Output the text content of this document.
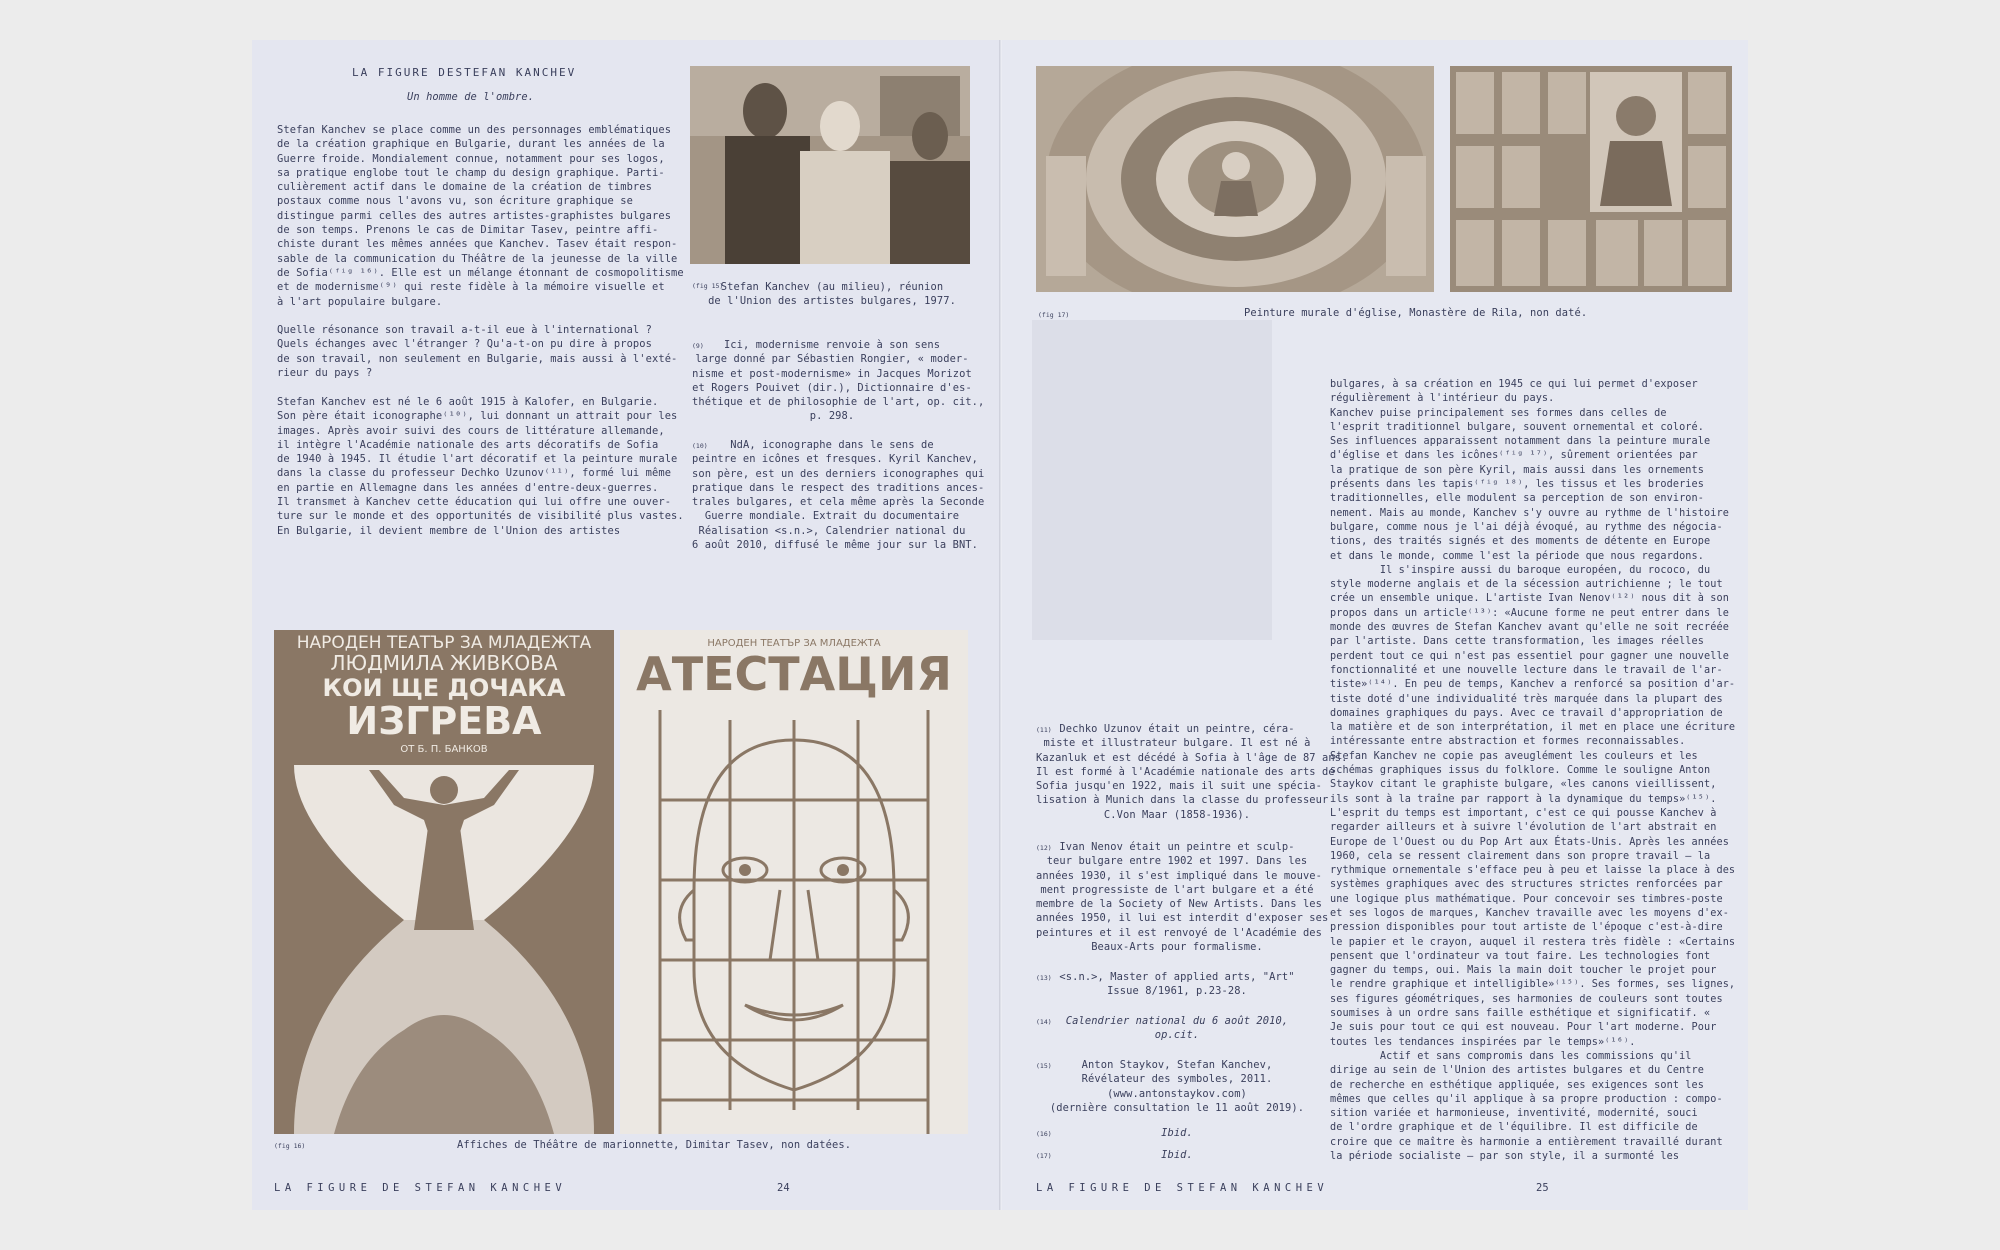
LA FIGURE DESTEFAN KANCHEV
Un homme de l'ombre.
Stefan Kanchev se place comme un des personnages emblématiques
de la création graphique en Bulgarie, durant les années de la
Guerre froide. Mondialement connue, notamment pour ses logos,
sa pratique englobe tout le champ du design graphique. Parti-
culièrement actif dans le domaine de la création de timbres
postaux comme nous l'avons vu, son écriture graphique se
distingue parmi celles des autres artistes-graphistes bulgares
de son temps. Prenons le cas de Dimitar Tasev, peintre affi-
chiste durant les mêmes années que Kanchev. Tasev était respon-
sable de la communication du Théâtre de la jeunesse de la ville
de Sofia⁽ᶠⁱᵍ ¹⁶⁾. Elle est un mélange étonnant de cosmopolitisme
et de modernisme⁽⁹⁾ qui reste fidèle à la mémoire visuelle et
à l'art populaire bulgare.
Quelle résonance son travail a-t-il eue à l'international ?
Quels échanges avec l'étranger ? Qu'a-t-on pu dire à propos
de son travail, non seulement en Bulgarie, mais aussi à l'exté-
rieur du pays ?
Stefan Kanchev est né le 6 août 1915 à Kalofer, en Bulgarie.
Son père était iconographe⁽¹⁰⁾, lui donnant un attrait pour les
images. Après avoir suivi des cours de littérature allemande,
il intègre l'Académie nationale des arts décoratifs de Sofia
de 1940 à 1945. Il étudie l'art décoratif et la peinture murale
dans la classe du professeur Dechko Uzunov⁽¹¹⁾, formé lui même
en partie en Allemagne dans les années d'entre-deux-guerres.
Il transmet à Kanchev cette éducation qui lui offre une ouver-
ture sur le monde et des opportunités de visibilité plus vastes.
En Bulgarie, il devient membre de l'Union des artistes
(fig 15)
Stefan Kanchev (au milieu), réunion
de l'Union des artistes bulgares, 1977.
(9)	Ici, modernisme renvoie à son sens
large donné par Sébastien Rongier, « moder-
nisme et post-modernisme» in Jacques Morizot
et Rogers Pouivet (dir.), Dictionnaire d'es-
thétique et de philosophie de l'art, op. cit.,
p. 298.
(10)	NdA, iconographe dans le sens de
peintre en icônes et fresques. Kyril Kanchev,
son père, est un des derniers iconographes qui
pratique dans le respect des traditions ances-
trales bulgares, et cela même après la Seconde
Guerre mondiale. Extrait du documentaire
Réalisation <s.n.>, Calendrier national du
6 août 2010, diffusé le même jour sur la BNT.
НАРОДЕН ТЕАТЪР ЗА МЛАДЕЖТА
ЛЮДМИЛА ЖИВКОВА
КОИ ЩЕ ДОЧАКА
ИЗГРЕВА
ОТ Б. П. БАНКОВ
НАРОДЕН ТЕАТЪР ЗА МЛАДЕЖТА
АТЕСТАЦИЯ
(fig 16)	Affiches de Théâtre de marionnette, Dimitar Tasev, non datées.
LA FIGURE DE STEFAN KANCHEV	24
(fig 17)	Peinture murale d'église, Monastère de Rila, non daté.
bulgares, à sa création en 1945 ce qui lui permet d'exposer
régulièrement à l'intérieur du pays.
Kanchev puise principalement ses formes dans celles de
l'esprit traditionnel bulgare, souvent ornemental et coloré.
Ses influences apparaissent notamment dans la peinture murale
d'église et dans les icônes⁽ᶠⁱᵍ ¹⁷⁾, sûrement orientées par
la pratique de son père Kyril, mais aussi dans les ornements
présents dans les tapis⁽ᶠⁱᵍ ¹⁸⁾, les tissus et les broderies
traditionnelles, elle modulent sa perception de son environ-
nement. Mais au monde, Kanchev s'y ouvre au rythme de l'histoire
bulgare, comme nous je l'ai déjà évoqué, au rythme des négocia-
tions, des traités signés et des moments de détente en Europe
et dans le monde, comme l'est la période que nous regardons.
Il s'inspire aussi du baroque européen, du rococo, du
style moderne anglais et de la sécession autrichienne ; le tout
crée un ensemble unique. L'artiste Ivan Nenov⁽¹²⁾ nous dit à son
propos dans un article⁽¹³⁾: «Aucune forme ne peut entrer dans le
monde des œuvres de Stefan Kanchev avant qu'elle ne soit recréée
par l'artiste. Dans cette transformation, les images réelles
perdent tout ce qui n'est pas essentiel pour gagner une nouvelle
fonctionnalité et une nouvelle lecture dans le travail de l'ar-
tiste»⁽¹⁴⁾. En peu de temps, Kanchev a renforcé sa position d'ar-
tiste doté d'une individualité très marquée dans la plupart des
domaines graphiques du pays. Avec ce travail d'appropriation de
la matière et de son interprétation, il met en place une écriture
intéressante entre abstraction et formes reconnaissables.
Stefan Kanchev ne copie pas aveuglément les couleurs et les
schémas graphiques issus du folklore. Comme le souligne Anton
Staykov citant le graphiste bulgare, «les canons vieillissent,
ils sont à la traîne par rapport à la dynamique du temps»⁽¹⁵⁾.
L'esprit du temps est important, c'est ce qui pousse Kanchev à
regarder ailleurs et à suivre l'évolution de l'art abstrait en
Europe de l'Ouest ou du Pop Art aux États-Unis. Après les années
1960, cela se ressent clairement dans son propre travail — la
rythmique ornementale s'efface peu à peu et laisse la place à des
systèmes graphiques avec des structures strictes renforcées par
une logique plus mathématique. Pour concevoir ses timbres-poste
et ses logos de marques, Kanchev travaille avec les moyens d'ex-
pression disponibles pour tout artiste de l'époque c'est-à-dire
le papier et le crayon, auquel il restera très fidèle : «Certains
pensent que l'ordinateur va tout faire. Les technologies font
gagner du temps, oui. Mais la main doit toucher le projet pour
le rendre graphique et intelligible»⁽¹⁵⁾. Ses formes, ses lignes,
ses figures géométriques, ses harmonies de couleurs sont toutes
soumises à un ordre sans faille esthétique et significatif. «
Je suis pour tout ce qui est nouveau. Pour l'art moderne. Pour
toutes les tendances inspirées par le temps»⁽¹⁶⁾.
Actif et sans compromis dans les commissions qu'il
dirige au sein de l'Union des artistes bulgares et du Centre
de recherche en esthétique appliquée, ses exigences sont les
mêmes que celles qu'il applique à sa propre production : compo-
sition variée et harmonieuse, inventivité, modernité, souci
de l'ordre graphique et de l'équilibre. Il est difficile de
croire que ce maître ès harmonie a entièrement travaillé durant
la période socialiste — par son style, il a surmonté les
(11) Dechko Uzunov était un peintre, céra-
miste et illustrateur bulgare. Il est né à
Kazanluk et est décédé à Sofia à l'âge de 87 ans.
Il est formé à l'Académie nationale des arts de
Sofia jusqu'en 1922, mais il suit une spécia-
lisation à Munich dans la classe du professeur
C.Von Maar (1858-1936).
(12) Ivan Nenov était un peintre et sculp-
teur bulgare entre 1902 et 1997. Dans les
années 1930, il s'est impliqué dans le mouve-
ment progressiste de l'art bulgare et a été
membre de la Society of New Artists. Dans les
années 1950, il lui est interdit d'exposer ses
peintures et il est renvoyé de l'Académie des
Beaux-Arts pour formalisme.
(13) <s.n.>, Master of applied arts, "Art"
Issue 8/1961, p.23-28.
(14)	Calendrier national du 6 août 2010,
op.cit.
(15)	Anton Staykov, Stefan Kanchev,
Révélateur des symboles, 2011.
(www.antonstaykov.com)
(dernière consultation le 11 août 2019).
(16)	Ibid.
(17)	Ibid.
LA FIGURE DE STEFAN KANCHEV	25
